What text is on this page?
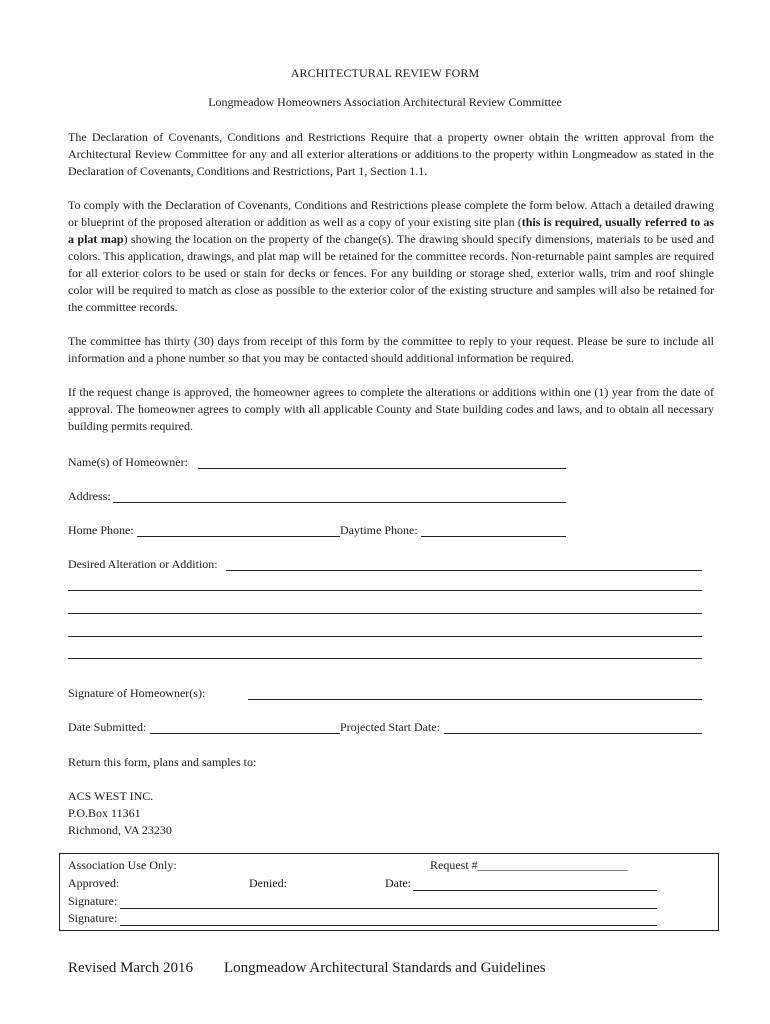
ARCHITECTURAL REVIEW FORM
Longmeadow Homeowners Association Architectural Review Committee
The Declaration of Covenants, Conditions and Restrictions Require that a property owner obtain the written approval from the Architectural Review Committee for any and all exterior alterations or additions to the property within Longmeadow as stated in the Declaration of Covenants, Conditions and Restrictions, Part 1, Section 1.1.
To comply with the Declaration of Covenants, Conditions and Restrictions please complete the form below. Attach a detailed drawing or blueprint of the proposed alteration or addition as well as a copy of your existing site plan (this is required, usually referred to as a plat map) showing the location on the property of the change(s). The drawing should specify dimensions, materials to be used and colors. This application, drawings, and plat map will be retained for the committee records. Non-returnable paint samples are required for all exterior colors to be used or stain for decks or fences. For any building or storage shed, exterior walls, trim and roof shingle color will be required to match as close as possible to the exterior color of the existing structure and samples will also be retained for the committee records.
The committee has thirty (30) days from receipt of this form by the committee to reply to your request. Please be sure to include all information and a phone number so that you may be contacted should additional information be required.
If the request change is approved, the homeowner agrees to complete the alterations or additions within one (1) year from the date of approval. The homeowner agrees to comply with all applicable County and State building codes and laws, and to obtain all necessary building permits required.
Name(s) of Homeowner:
Address:
Home Phone:	Daytime Phone:
Desired Alteration or Addition:
Signature of Homeowner(s):
Date Submitted:	Projected Start Date:
Return this form, plans and samples to:
ACS WEST INC.
P.O.Box 11361
Richmond, VA 23230
Association Use Only:	Request #_________________________
Approved:	Denied:	Date:
Signature:
Signature:
Revised March 2016 Longmeadow Architectural Standards and Guidelines
